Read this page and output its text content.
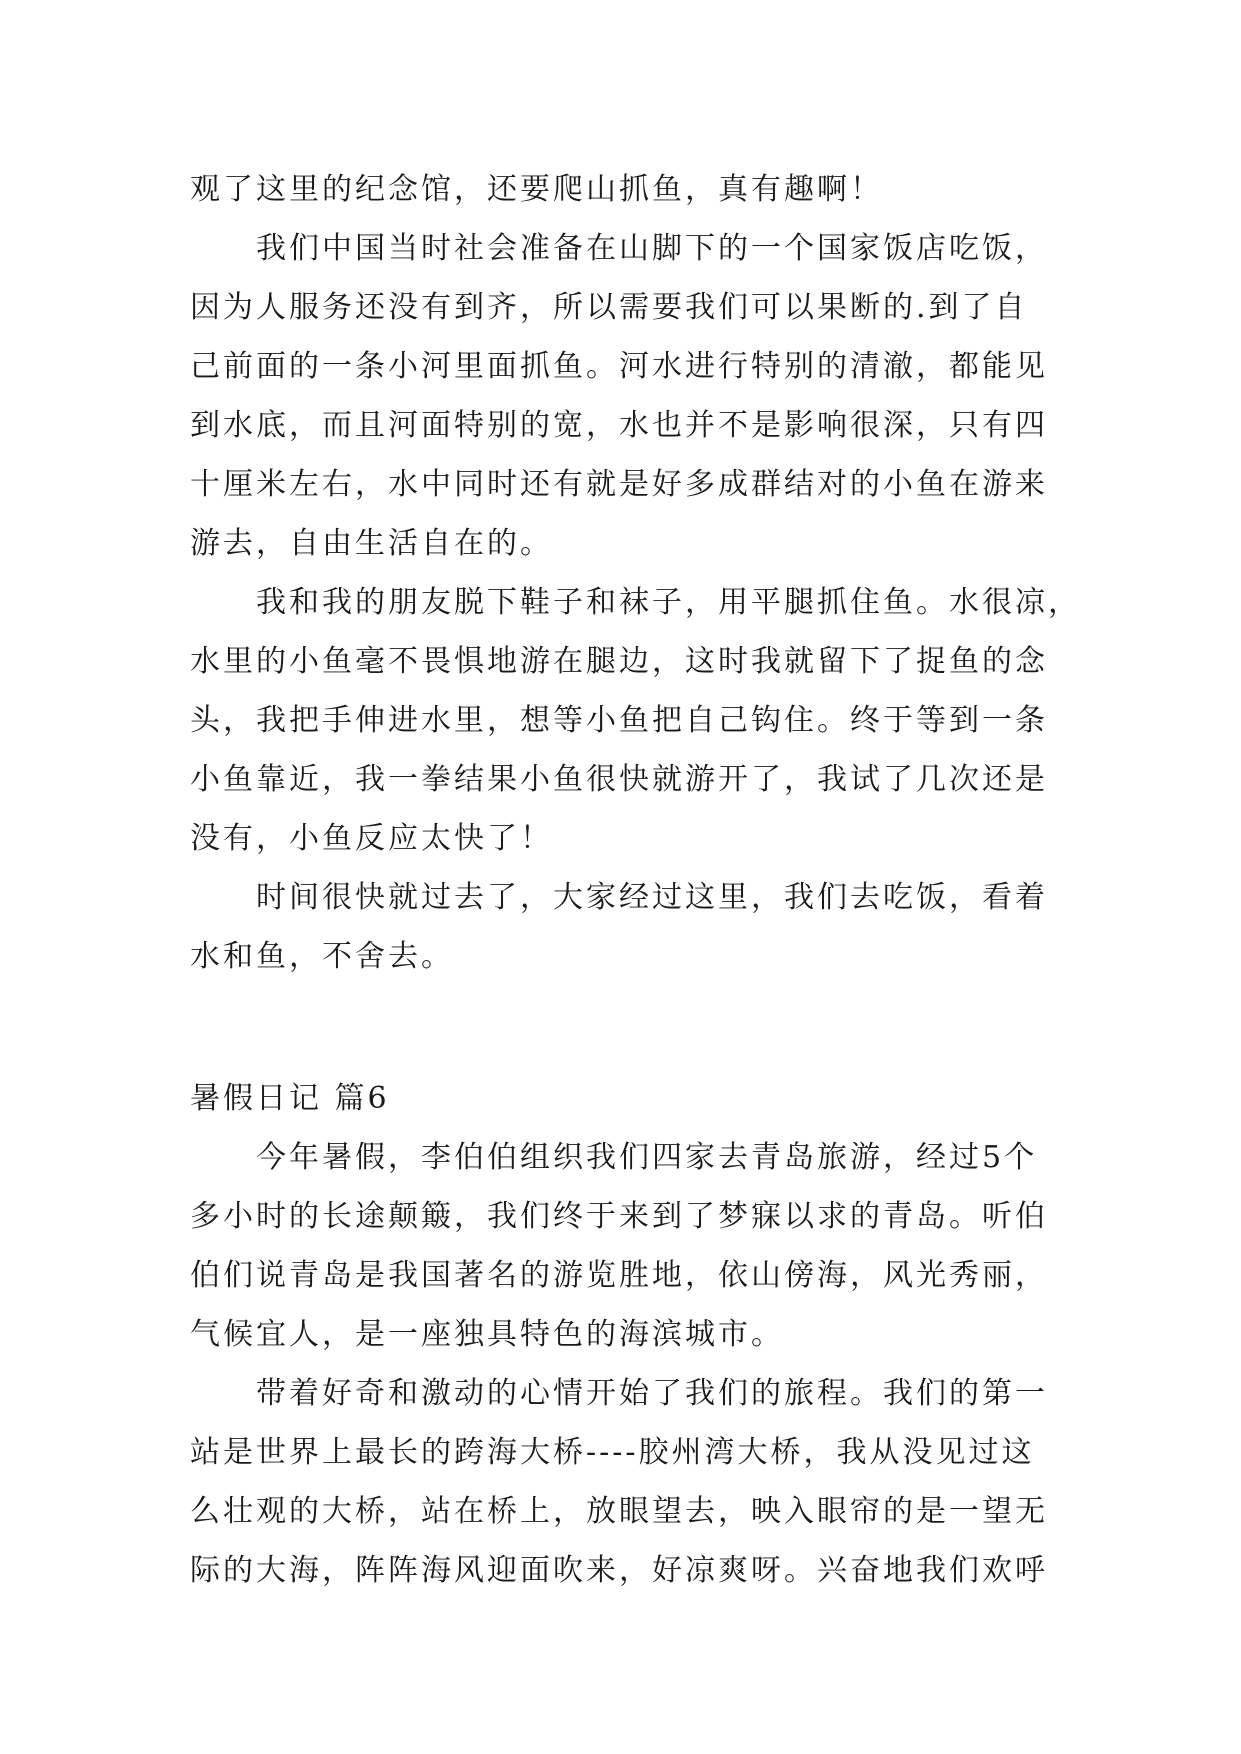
观了这里的纪念馆，还要爬山抓鱼，真有趣啊！
我们中国当时社会准备在山脚下的一个国家饭店吃饭，
因为人服务还没有到齐，所以需要我们可以果断的.到了自
己前面的一条小河里面抓鱼。河水进行特别的清澈，都能见
到水底，而且河面特别的宽，水也并不是影响很深，只有四
十厘米左右，水中同时还有就是好多成群结对的小鱼在游来
游去，自由生活自在的。
我和我的朋友脱下鞋子和袜子，用平腿抓住鱼。水很凉，
水里的小鱼毫不畏惧地游在腿边，这时我就留下了捉鱼的念
头，我把手伸进水里，想等小鱼把自己钩住。终于等到一条
小鱼靠近，我一拳结果小鱼很快就游开了，我试了几次还是
没有，小鱼反应太快了！
时间很快就过去了，大家经过这里，我们去吃饭，看着
水和鱼，不舍去。
暑假日记 篇6
今年暑假，李伯伯组织我们四家去青岛旅游，经过5个
多小时的长途颠簸，我们终于来到了梦寐以求的青岛。听伯
伯们说青岛是我国著名的游览胜地，依山傍海，风光秀丽，
气候宜人，是一座独具特色的海滨城市。
带着好奇和激动的心情开始了我们的旅程。我们的第一
站是世界上最长的跨海大桥----胶州湾大桥，我从没见过这
么壮观的大桥，站在桥上，放眼望去，映入眼帘的是一望无
际的大海，阵阵海风迎面吹来，好凉爽呀。兴奋地我们欢呼
